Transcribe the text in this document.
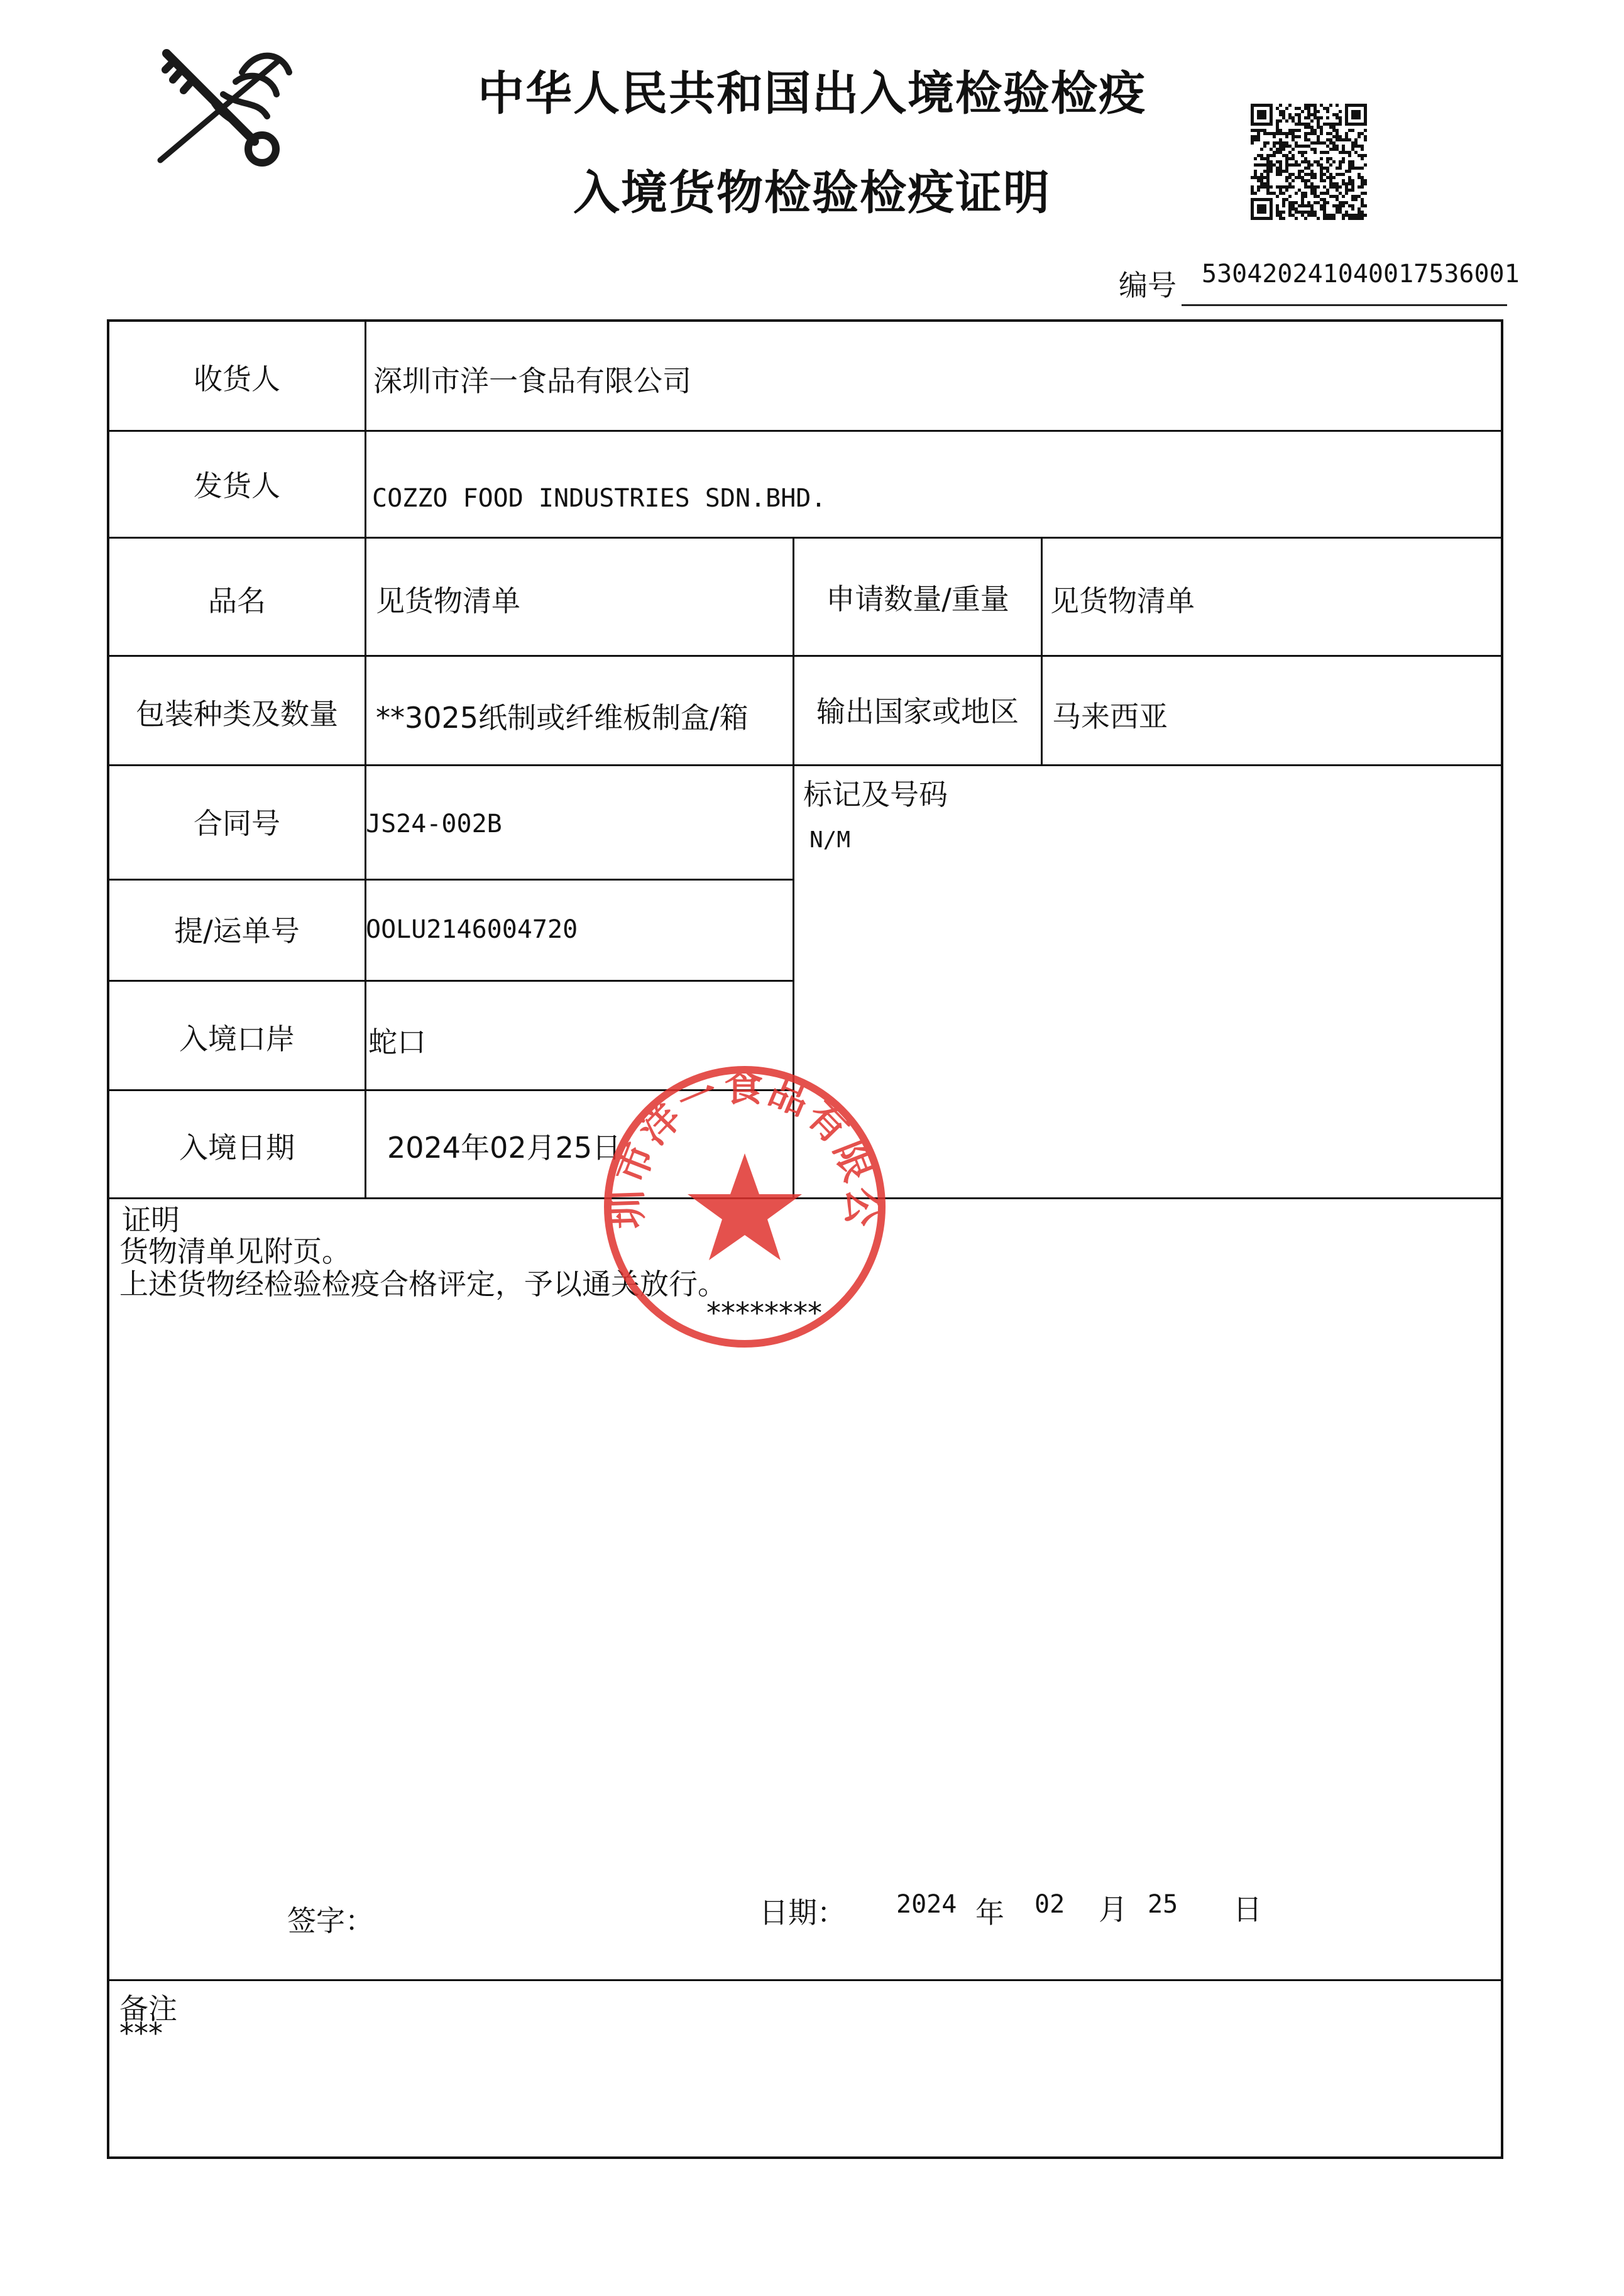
中华人民共和国出入境检验检疫
入境货物检验检疫证明
编号 530420241040017536001
收货人	深圳市洋一食品有限公司
发货人	COZZO FOOD INDUSTRIES SDN.BHD.
品名	见货物清单	申请数量/重量	见货物清单
包装种类及数量	**3025纸制或纤维板制盒/箱	输出国家或地区	马来西亚
合同号	JS24-002B
标记及号码
N/M
提/运单号	OOLU2146004720
入境口岸	蛇口
入境日期	2024年02月25日
证明
货物清单见附页。
上述货物经检验检疫合格评定，予以通关放行。
********
签字：	日期： 2024 年 02 月 25 日
备注
***
圳市洋一食品有限公
